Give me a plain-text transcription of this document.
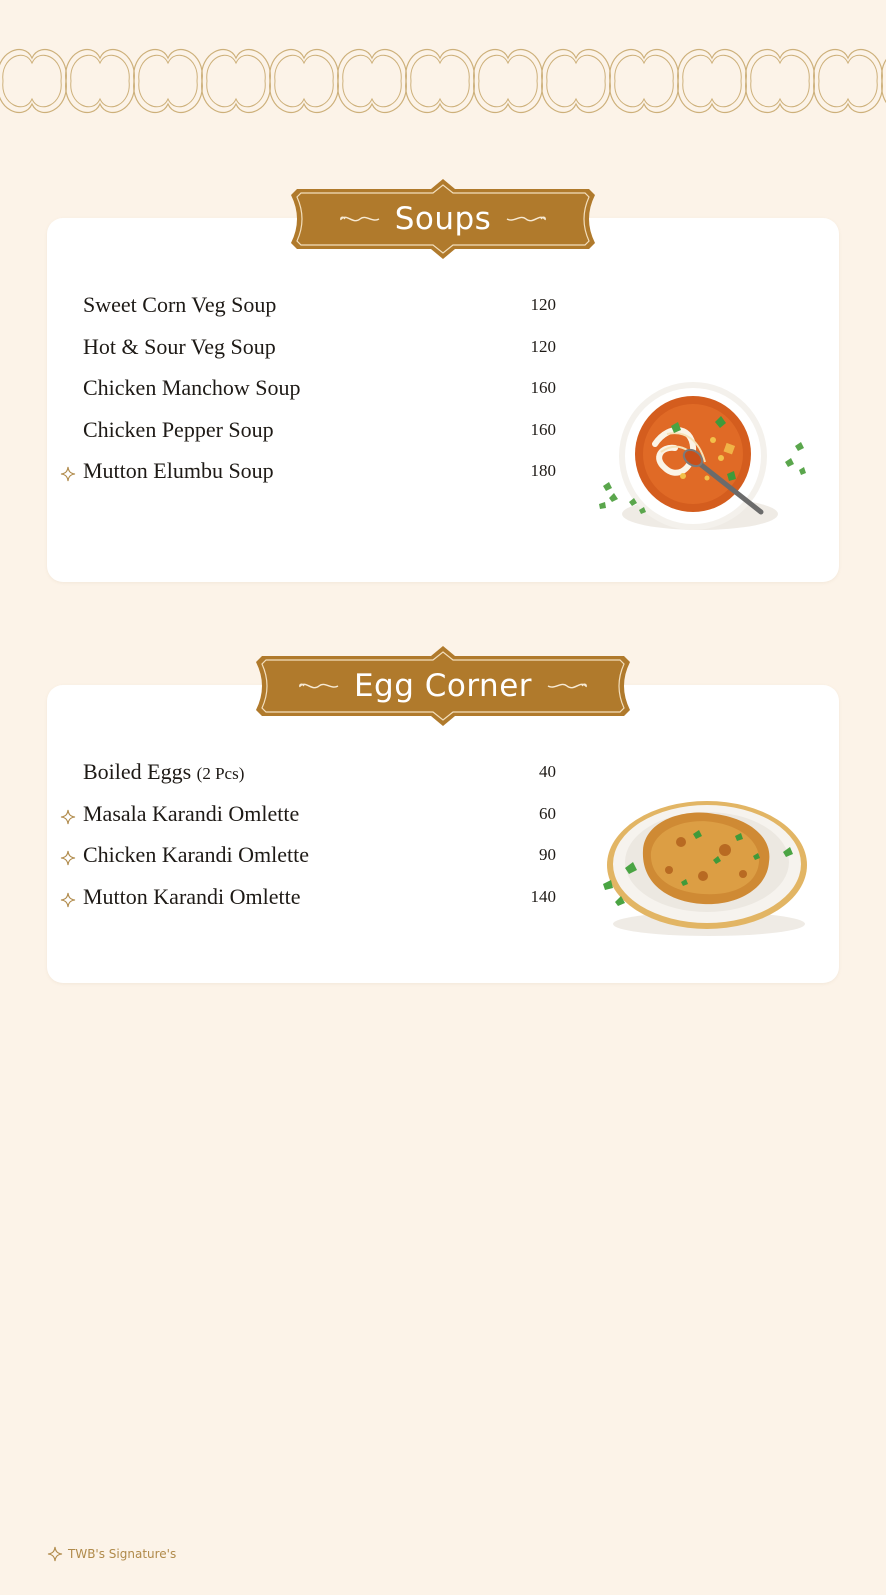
Soups
Sweet Corn Veg Soup	120
Hot & Sour Veg Soup	120
Chicken Manchow Soup	160
Chicken Pepper Soup	160
Mutton Elumbu Soup	180
Egg Corner
Boiled Eggs (2 Pcs)	40
Masala Karandi Omlette	60
Chicken Karandi Omlette	90
Mutton Karandi Omlette	140
TWB's Signature's
